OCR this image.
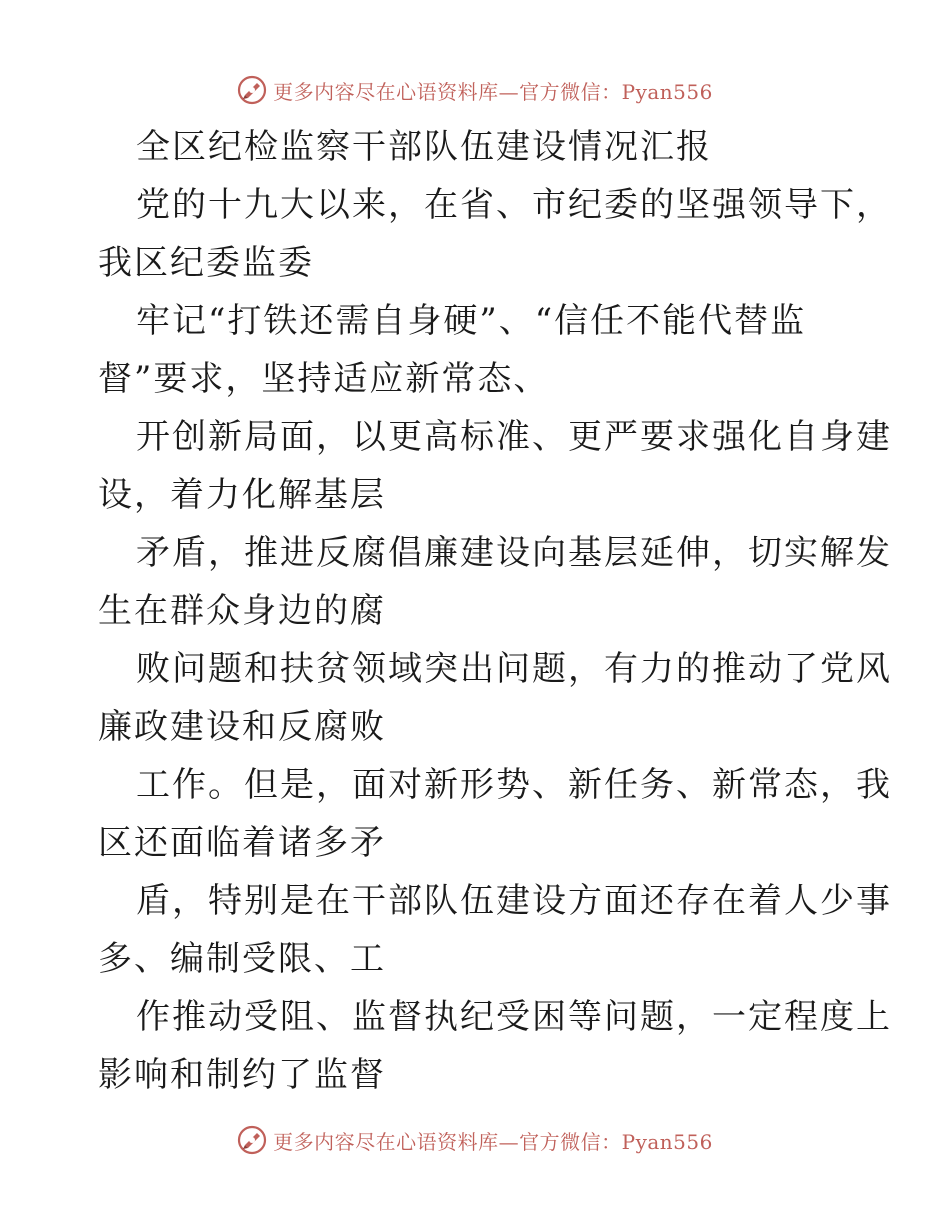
更多内容尽在心语资料库—官方微信：Pyan556
全区纪检监察干部队伍建设情况汇报
党的十九大以来，在省、市纪委的坚强领导下，
我区纪委监委
牢记“打铁还需自身硬”、“信任不能代替监
督”要求，坚持适应新常态、
开创新局面，以更高标准、更严要求强化自身建
设，着力化解基层
矛盾，推进反腐倡廉建设向基层延伸，切实解发
生在群众身边的腐
败问题和扶贫领域突出问题，有力的推动了党风
廉政建设和反腐败
工作。但是，面对新形势、新任务、新常态，我
区还面临着诸多矛
盾，特别是在干部队伍建设方面还存在着人少事
多、编制受限、工
作推动受阻、监督执纪受困等问题，一定程度上
影响和制约了监督
更多内容尽在心语资料库—官方微信：Pyan556
